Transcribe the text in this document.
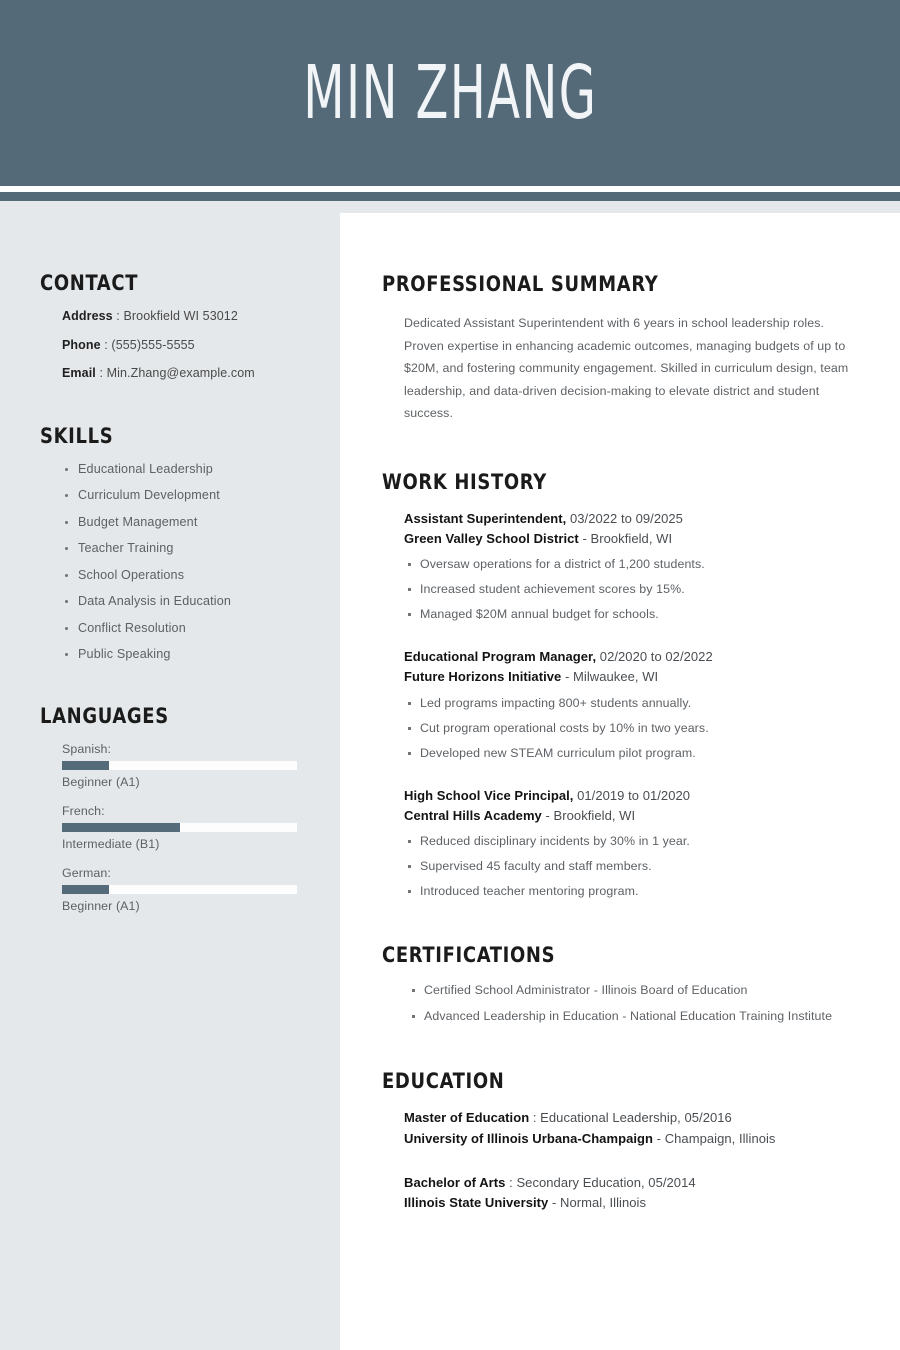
MIN ZHANG
CONTACT
Address : Brookfield WI 53012
Phone : (555)555-5555
Email : Min.Zhang@example.com
SKILLS
Educational Leadership
Curriculum Development
Budget Management
Teacher Training
School Operations
Data Analysis in Education
Conflict Resolution
Public Speaking
LANGUAGES
Spanish:
Beginner (A1)
French:
Intermediate (B1)
German:
Beginner (A1)
PROFESSIONAL SUMMARY

Dedicated Assistant Superintendent with 6 years in school leadership roles. Proven expertise in enhancing academic outcomes, managing budgets of up to $20M, and fostering community engagement. Skilled in curriculum design, team leadership, and data-driven decision-making to elevate district and student success.

WORK HISTORY
Assistant Superintendent, 03/2022 to 09/2025
Green Valley School District - Brookfield, WI
Oversaw operations for a district of 1,200 students.
Increased student achievement scores by 15%.
Managed $20M annual budget for schools.
Educational Program Manager, 02/2020 to 02/2022
Future Horizons Initiative - Milwaukee, WI
Led programs impacting 800+ students annually.
Cut program operational costs by 10% in two years.
Developed new STEAM curriculum pilot program.
High School Vice Principal, 01/2019 to 01/2020
Central Hills Academy - Brookfield, WI
Reduced disciplinary incidents by 30% in 1 year.
Supervised 45 faculty and staff members.
Introduced teacher mentoring program.
CERTIFICATIONS
Certified School Administrator - Illinois Board of Education
Advanced Leadership in Education - National Education Training Institute
EDUCATION
Master of Education : Educational Leadership, 05/2016
University of Illinois Urbana-Champaign - Champaign, Illinois
Bachelor of Arts : Secondary Education, 05/2014
Illinois State University - Normal, Illinois
